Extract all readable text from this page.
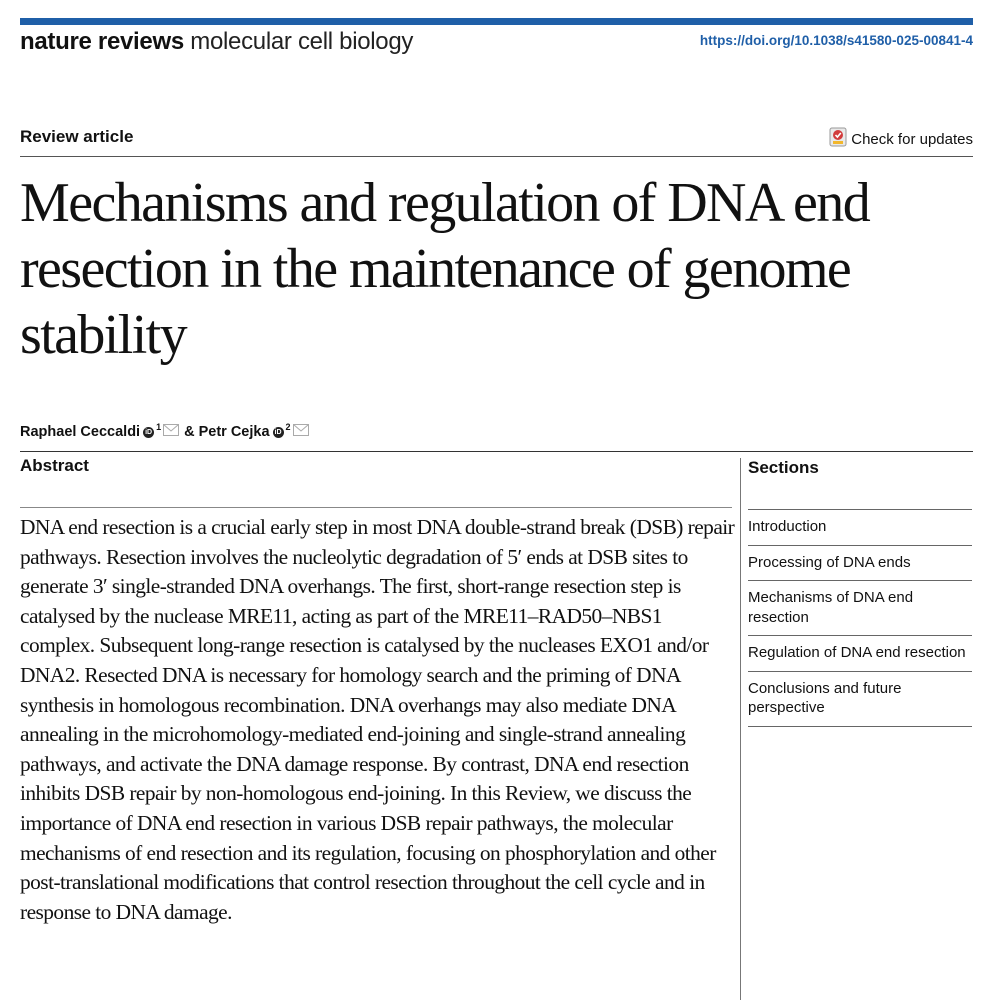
nature reviews molecular cell biology	https://doi.org/10.1038/s41580-025-00841-4
Review article	Check for updates
Mechanisms and regulation of DNA end resection in the maintenance of genome stability
Raphael Ceccaldi iD 1 & Petr Cejka iD 2
Abstract

DNA end resection is a crucial early step in most DNA double-strand break (DSB) repair pathways. Resection involves the nucleolytic degradation of 5′ ends at DSB sites to generate 3′ single-stranded DNA overhangs. The first, short-range resection step is catalysed by the nuclease MRE11, acting as part of the MRE11–RAD50–NBS1 complex. Subsequent long-range resection is catalysed by the nucleases EXO1 and/or DNA2. Resected DNA is necessary for homology search and the priming of DNA synthesis in homologous recombination. DNA overhangs may also mediate DNA annealing in the microhomology-mediated end-joining and single-strand annealing pathways, and activate the DNA damage response. By contrast, DNA end resection inhibits DSB repair by non-homologous end-joining. In this Review, we discuss the importance of DNA end resection in various DSB repair pathways, the molecular mechanisms of end resection and its regulation, focusing on phosphorylation and other post-translational modifications that control resection throughout the cell cycle and in response to DNA damage.

Sections
Introduction
Processing of DNA ends
Mechanisms of DNA end resection
Regulation of DNA end resection
Conclusions and future perspective
